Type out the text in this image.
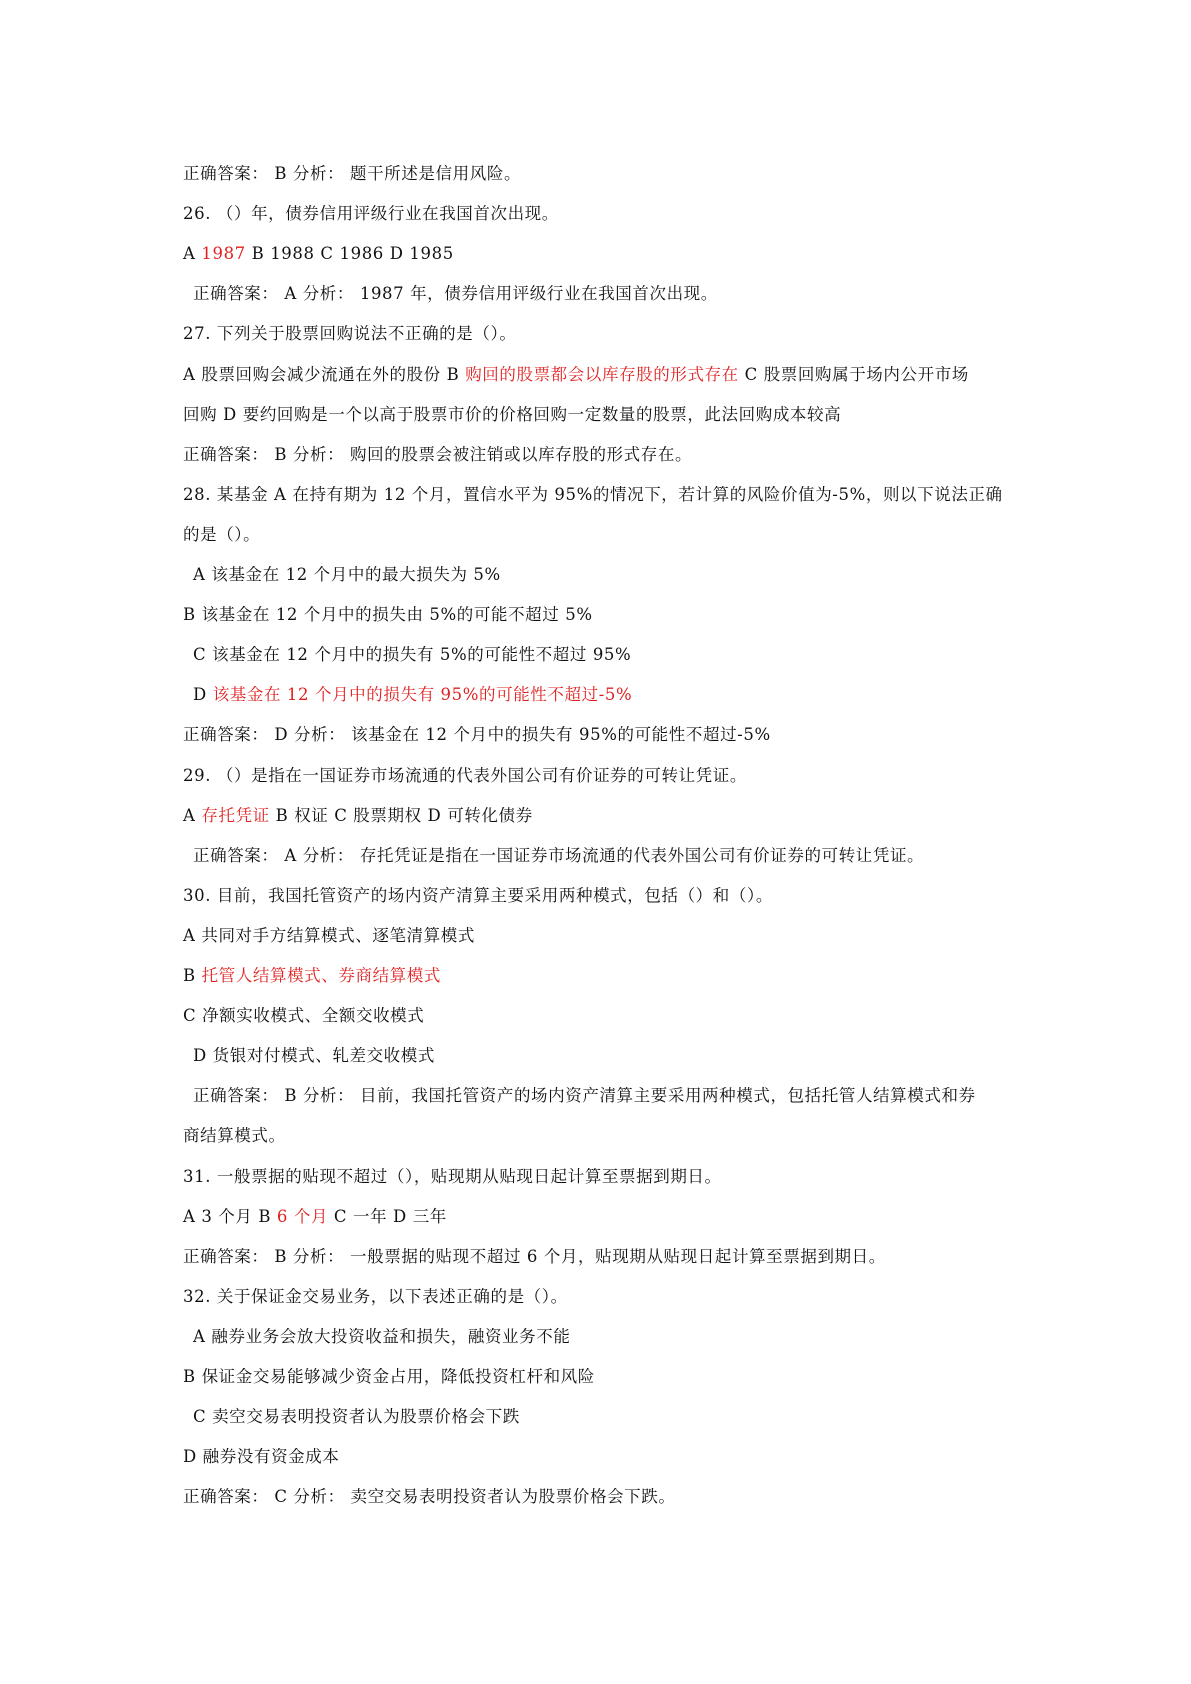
正确答案： B 分析： 题干所述是信用风险。
26. （）年，债券信用评级行业在我国首次出现。
A 1987 B 1988 C 1986 D 1985
正确答案： A 分析： 1987 年，债券信用评级行业在我国首次出现。
27. 下列关于股票回购说法不正确的是（）。
A 股票回购会减少流通在外的股份 B 购回的股票都会以库存股的形式存在 C 股票回购属于场内公开市场
回购 D 要约回购是一个以高于股票市价的价格回购一定数量的股票，此法回购成本较高
正确答案： B 分析： 购回的股票会被注销或以库存股的形式存在。
28. 某基金 A 在持有期为 12 个月，置信水平为 95%的情况下，若计算的风险价值为-5%，则以下说法正确
的是（）。
A 该基金在 12 个月中的最大损失为 5%
B 该基金在 12 个月中的损失由 5%的可能不超过 5%
C 该基金在 12 个月中的损失有 5%的可能性不超过 95%
D 该基金在 12 个月中的损失有 95%的可能性不超过-5%
正确答案： D 分析： 该基金在 12 个月中的损失有 95%的可能性不超过-5%
29. （）是指在一国证券市场流通的代表外国公司有价证券的可转让凭证。
A 存托凭证 B 权证 C 股票期权 D 可转化债券
正确答案： A 分析： 存托凭证是指在一国证券市场流通的代表外国公司有价证券的可转让凭证。
30. 目前，我国托管资产的场内资产清算主要采用两种模式，包括（）和（）。
A 共同对手方结算模式、逐笔清算模式
B 托管人结算模式、券商结算模式
C 净额实收模式、全额交收模式
D 货银对付模式、轧差交收模式
正确答案： B 分析： 目前，我国托管资产的场内资产清算主要采用两种模式，包括托管人结算模式和券
商结算模式。
31. 一般票据的贴现不超过（），贴现期从贴现日起计算至票据到期日。
A 3 个月 B 6 个月 C 一年 D 三年
正确答案： B 分析： 一般票据的贴现不超过 6 个月，贴现期从贴现日起计算至票据到期日。
32. 关于保证金交易业务，以下表述正确的是（）。
A 融券业务会放大投资收益和损失，融资业务不能
B 保证金交易能够减少资金占用，降低投资杠杆和风险
C 卖空交易表明投资者认为股票价格会下跌
D 融券没有资金成本
正确答案： C 分析： 卖空交易表明投资者认为股票价格会下跌。
